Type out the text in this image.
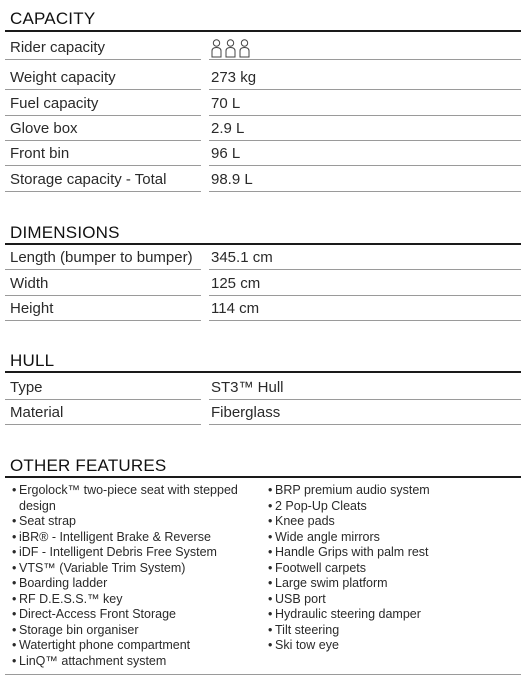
CAPACITY
Rider capacity
Weight capacity	273 kg
Fuel capacity	70 L
Glove box	2.9 L
Front bin	96 L
Storage capacity - Total	98.9 L
DIMENSIONS
Length (bumper to bumper)	345.1 cm
Width	125 cm
Height	114 cm
HULL
Type	ST3™ Hull
Material	Fiberglass
OTHER FEATURES
• Ergolock™ two-piece seat with stepped design
• Seat strap
• iBR® - Intelligent Brake & Reverse
• iDF - Intelligent Debris Free System
• VTS™ (Variable Trim System)
• Boarding ladder
• RF D.E.S.S.™ key
• Direct-Access Front Storage
• Storage bin organiser
• Watertight phone compartment
• LinQ™ attachment system
• BRP premium audio system
• 2 Pop-Up Cleats
• Knee pads
• Wide angle mirrors
• Handle Grips with palm rest
• Footwell carpets
• Large swim platform
• USB port
• Hydraulic steering damper
• Tilt steering
• Ski tow eye
